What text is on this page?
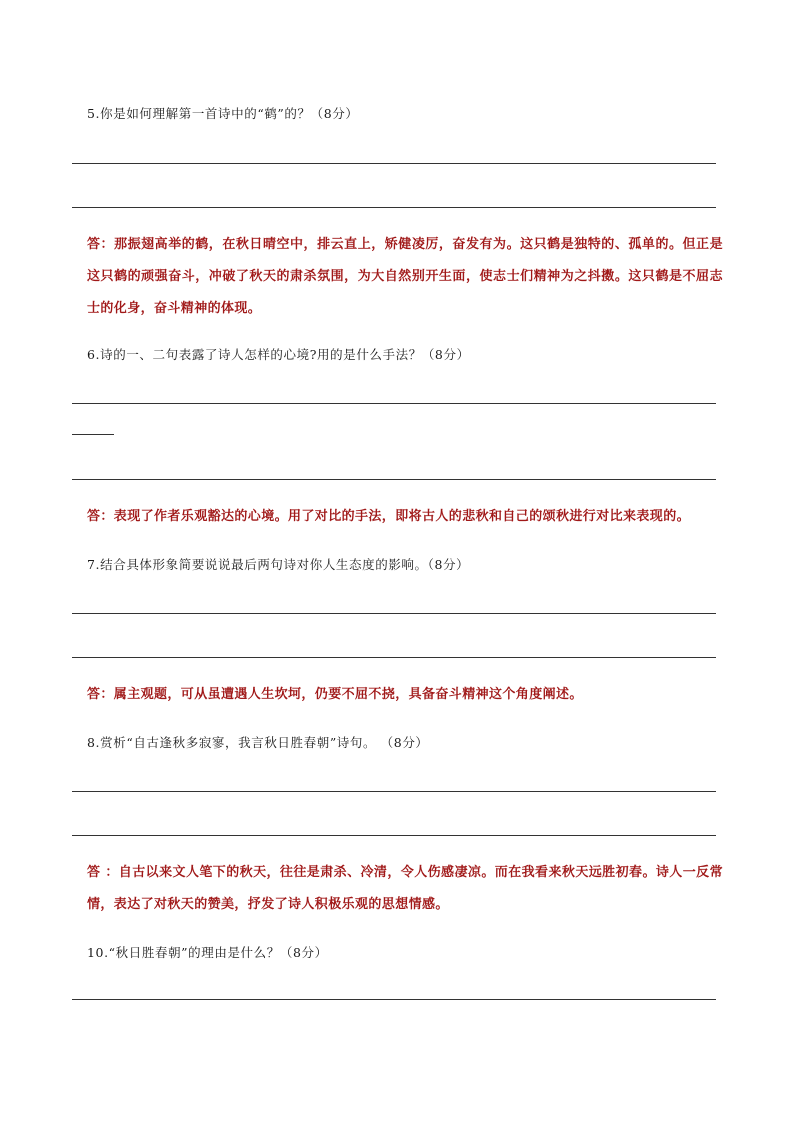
5.你是如何理解第一首诗中的“鹤”的？（8分）
答：那振翅高举的鹤，在秋日晴空中，排云直上，矫健凌厉，奋发有为。这只鹤是独特的、孤单的。但正是这只鹤的顽强奋斗，冲破了秋天的肃杀氛围，为大自然别开生面，使志士们精神为之抖擞。这只鹤是不屈志士的化身，奋斗精神的体现。
6.诗的一、二句表露了诗人怎样的心境?用的是什么手法？（8分）
答：表现了作者乐观豁达的心境。用了对比的手法，即将古人的悲秋和自己的颂秋进行对比来表现的。
7.结合具体形象简要说说最后两句诗对你人生态度的影响。（8分）
答：属主观题，可从虽遭遇人生坎坷，仍要不屈不挠，具备奋斗精神这个角度阐述。
8.赏析“自古逢秋多寂寥，我言秋日胜春朝”诗句。 （8分）
答 ：自古以来文人笔下的秋天，往往是肃杀、冷清，令人伤感凄凉。而在我看来秋天远胜初春。诗人一反常情，表达了对秋天的赞美，抒发了诗人积极乐观的思想情感。
10.“秋日胜春朝”的理由是什么？（8分）
